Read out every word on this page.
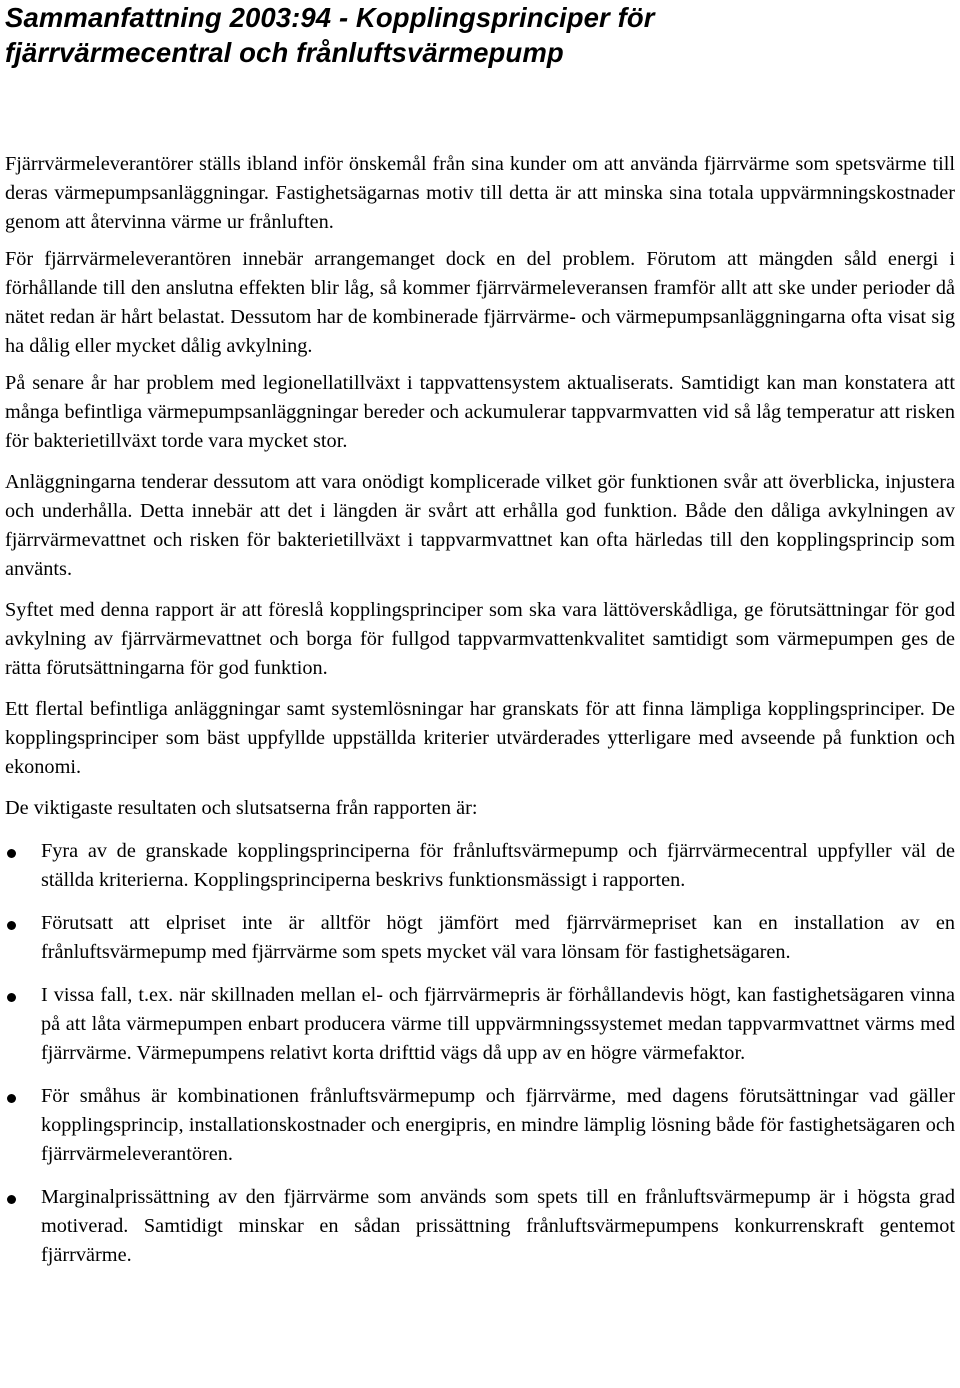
Sammanfattning 2003:94 - Kopplingsprinciper för
fjärrvärmecentral och frånluftsvärmepump

Fjärrvärmeleverantörer ställs ibland inför önskemål från sina kunder om att använda fjärrvärme som spetsvärme till deras värmepumpsanläggningar. Fastighetsägarnas motiv till detta är att minska sina totala uppvärmningskostnader genom att återvinna värme ur frånluften.

För fjärrvärmeleverantören innebär arrangemanget dock en del problem. Förutom att mängden såld energi i förhållande till den anslutna effekten blir låg, så kommer fjärrvärmeleveransen framför allt att ske under perioder då nätet redan är hårt belastat. Dessutom har de kombinerade fjärrvärme- och värmepumpsanläggningarna ofta visat sig ha dålig eller mycket dålig avkylning.

På senare år har problem med legionellatillväxt i tappvattensystem aktualiserats. Samtidigt kan man konstatera att många befintliga värmepumpsanläggningar bereder och ackumulerar tappvarmvatten vid så låg temperatur att risken för bakterietillväxt torde vara mycket stor.

Anläggningarna tenderar dessutom att vara onödigt komplicerade vilket gör funktionen svår att överblicka, injustera och underhålla. Detta innebär att det i längden är svårt att erhålla god funktion. Både den dåliga avkylningen av fjärrvärmevattnet och risken för bakterietillväxt i tappvarmvattnet kan ofta härledas till den kopplingsprincip som använts.

Syftet med denna rapport är att föreslå kopplingsprinciper som ska vara lättöverskådliga, ge förutsättningar för god avkylning av fjärrvärmevattnet och borga för fullgod tappvarmvattenkvalitet samtidigt som värmepumpen ges de rätta förutsättningarna för god funktion.

Ett flertal befintliga anläggningar samt systemlösningar har granskats för att finna lämpliga kopplingsprinciper. De kopplingsprinciper som bäst uppfyllde uppställda kriterier utvärderades ytterligare med avseende på funktion och ekonomi.

De viktigaste resultaten och slutsatserna från rapporten är:

Fyra av de granskade kopplingsprinciperna för frånluftsvärmepump och fjärrvärmecentral uppfyller väl de ställda kriterierna. Kopplingsprinciperna beskrivs funktionsmässigt i rapporten.
Förutsatt att elpriset inte är alltför högt jämfört med fjärrvärmepriset kan en installation av en frånluftsvärmepump med fjärrvärme som spets mycket väl vara lönsam för fastighetsägaren.
I vissa fall, t.ex. när skillnaden mellan el- och fjärrvärmepris är förhållandevis högt, kan fastighetsägaren vinna på att låta värmepumpen enbart producera värme till uppvärmningssystemet medan tappvarmvattnet värms med fjärrvärme. Värmepumpens relativt korta drifttid vägs då upp av en högre värmefaktor.
För småhus är kombinationen frånluftsvärmepump och fjärrvärme, med dagens förutsättningar vad gäller kopplingsprincip, installationskostnader och energipris, en mindre lämplig lösning både för fastighetsägaren och fjärrvärmeleverantören.
Marginalprissättning av den fjärrvärme som används som spets till en frånluftsvärmepump är i högsta grad motiverad. Samtidigt minskar en sådan prissättning frånluftsvärmepumpens konkurrenskraft gentemot fjärrvärme.
